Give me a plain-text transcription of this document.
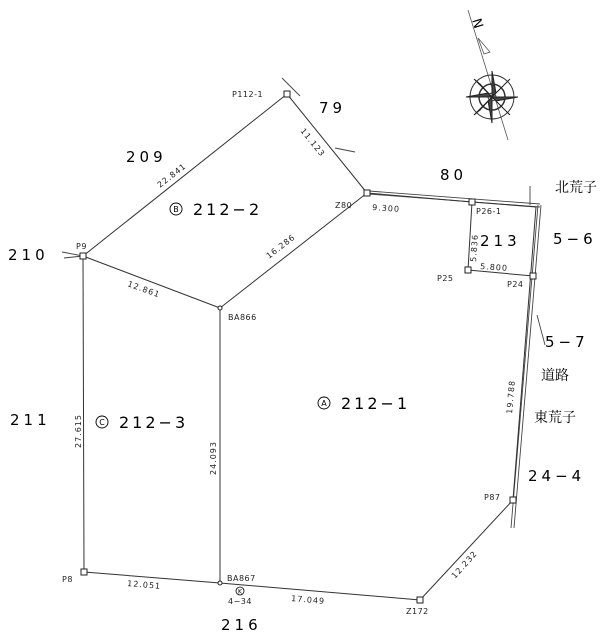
N
P112-1
Z80
P26-1
P9
BA866
P25
P24
P87
P8	BA867
Z172
22.841
11.123
9.300
16.286
12.861
5.836
5.800
19.788
27.615
24.093
12.232
12.051
17.049
A 212−1
B 212−2
C 212−3
K
4−34
79
80
209
210
211
213
216
5−6
5−7
24−4
北荒子
道路
東荒子
